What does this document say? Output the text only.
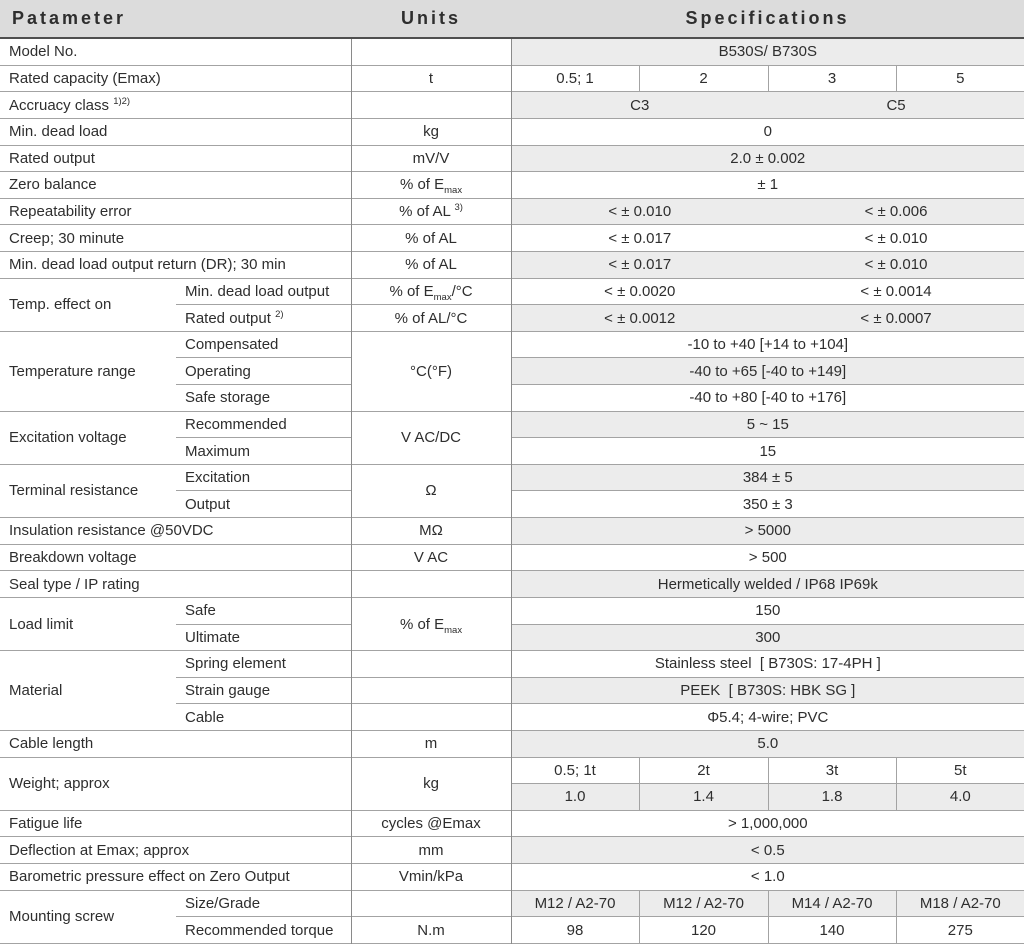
Patameter		Units	Specifications			
Model No.			B530S/ B730S			
Rated capacity (Emax)		t	0.5; 1	2	3	5
Accruacy class $^{1)2)}$			C3		C5	
Min. dead load		kg	0			
Rated output		mV/V	2.0 ± 0.002			
Zero balance		% of $E_{max}$	± 1			
Repeatability error		% of AL $^{3)}$	< ± 0.010		< ± 0.006	
Creep; 30 minute		% of AL	< ± 0.017		< ± 0.010	
Min. dead load output return (DR); 30 min		% of AL	< ± 0.017		< ± 0.010	
Temp. effect on	Min. dead load output	% of $E_{max}/^\circ C$	< ± 0.0020		< ± 0.0014	
	Rated output $^{2)}$	% of AL/°C	< ± 0.0012		< ± 0.0007	
Temperature range	Compensated	°C(°F)	-10 to +40 [+14 to +104]			
	Operating		-40 to +65 [-40 to +149]			
	Safe storage		-40 to +80 [-40 to +176]			
Excitation voltage	Recommended	V AC/DC	5 ~ 15			
	Maximum		15			
Terminal resistance	Excitation	Ω	384 ± 5			
	Output		350 ± 3			
Insulation resistance @50VDC		MΩ	> 5000			
Breakdown voltage		V AC	> 500			
Seal type / IP rating			Hermetically welded / IP68 IP69k			
Load limit	Safe	% of $E_{max}$	150			
	Ultimate		300			
Material	Spring element		Stainless steel  [ B730S: 17-4PH ]			
	Strain gauge		PEEK  [ B730S: HBK SG ]			
	Cable		Φ5.4; 4-wire; PVC			
Cable length		m	5.0			
Weight; approx		kg	0.5; 1t	2t	3t	5t
			1.0	1.4	1.8	4.0
Fatigue life		cycles @Emax	> 1,000,000			
Deflection at Emax; approx		mm	< 0.5			
Barometric pressure effect on Zero Output		Vmin/kPa	< 1.0			
Mounting screw	Size/Grade		M12 / A2-70	M12 / A2-70	M14 / A2-70	M18 / A2-70
	Recommended torque	N.m	98	120	140	275
